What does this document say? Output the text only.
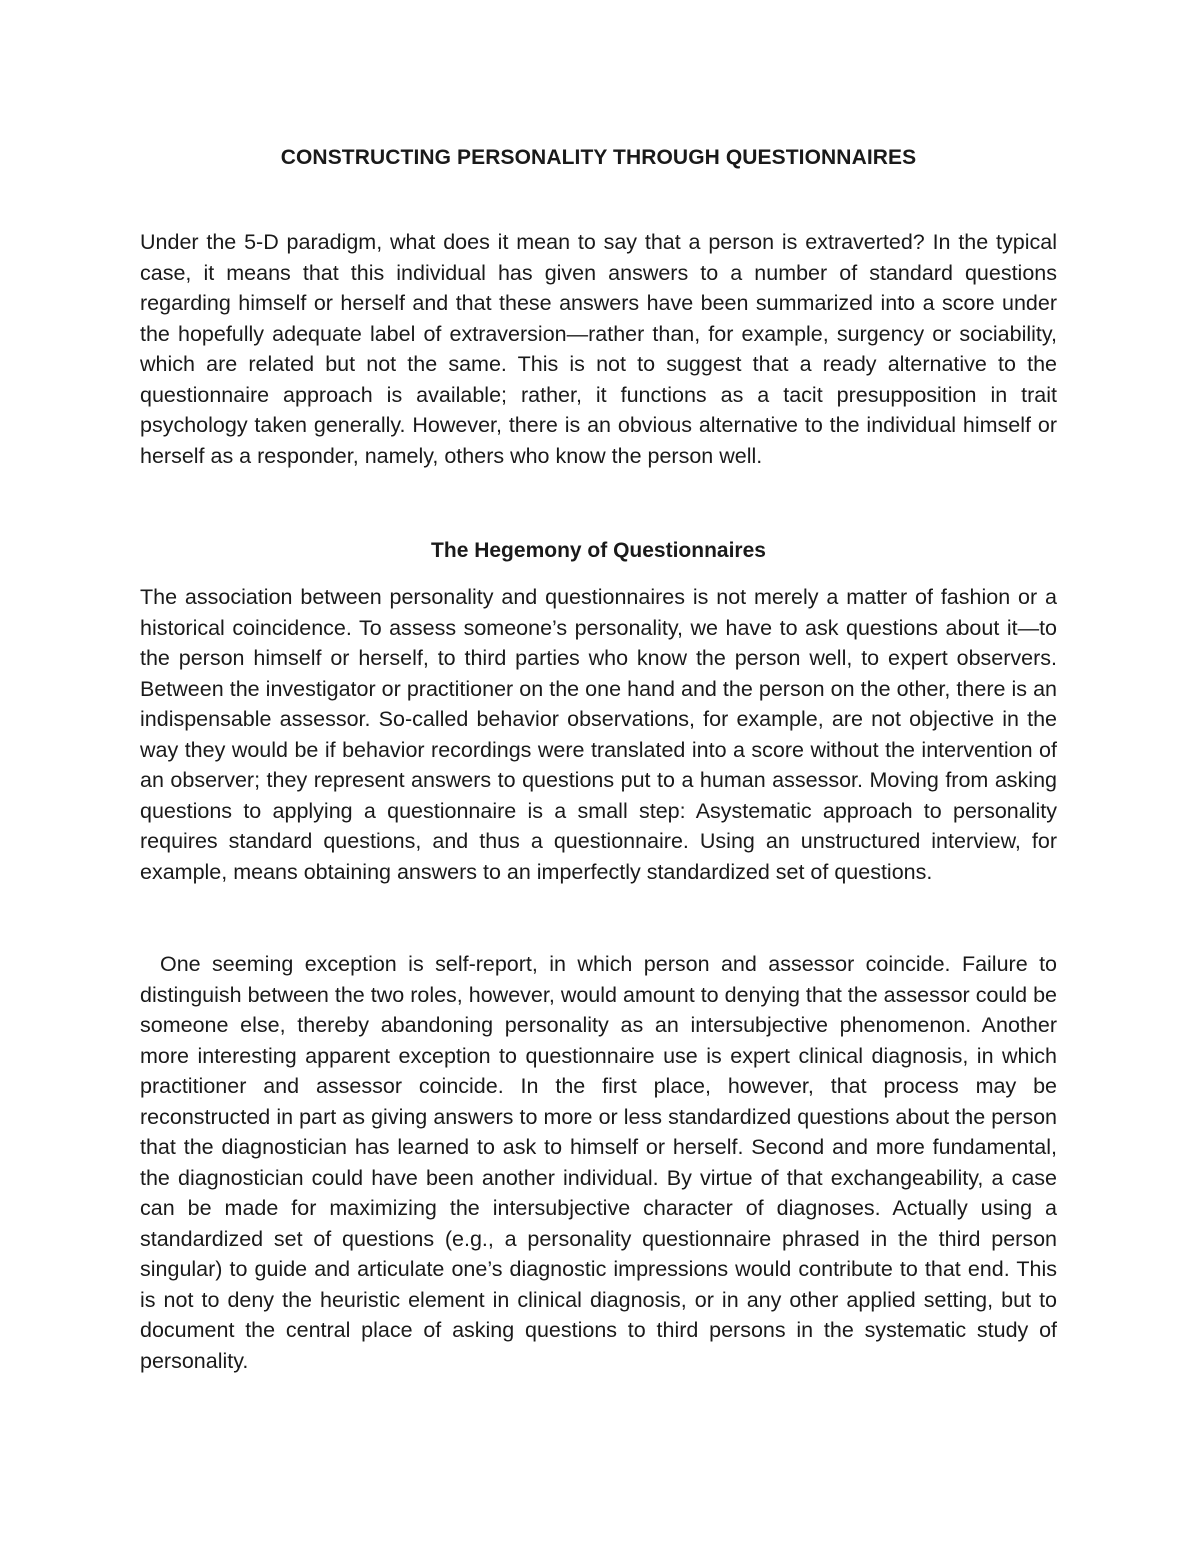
CONSTRUCTING PERSONALITY THROUGH QUESTIONNAIRES

Under the 5-D paradigm, what does it mean to say that a person is extraverted? In the typical case, it means that this individual has given answers to a number of standard questions regarding himself or herself and that these answers have been summarized into a score under the hopefully adequate label of extraversion—rather than, for example, surgency or sociability, which are related but not the same. This is not to suggest that a ready alternative to the questionnaire approach is available; rather, it functions as a tacit presupposition in trait psychology taken generally. However, there is an obvious alternative to the individual himself or herself as a responder, namely, others who know the person well.

The Hegemony of Questionnaires

The association between personality and questionnaires is not merely a matter of fashion or a historical coincidence. To assess someone’s personality, we have to ask questions about it—to the person himself or herself, to third parties who know the person well, to expert observers. Between the investigator or practitioner on the one hand and the person on the other, there is an indispensable assessor. So-called behavior observations, for example, are not objective in the way they would be if behavior recordings were translated into a score without the intervention of an observer; they represent answers to questions put to a human assessor. Moving from asking questions to applying a questionnaire is a small step: Asystematic approach to personality requires standard questions, and thus a questionnaire. Using an unstructured interview, for example, means obtaining answers to an imperfectly standardized set of questions.

One seeming exception is self-report, in which person and assessor coincide. Failure to distinguish between the two roles, however, would amount to denying that the assessor could be someone else, thereby abandoning personality as an intersubjective phenomenon. Another more interesting apparent exception to questionnaire use is expert clinical diagnosis, in which practitioner and assessor coincide. In the first place, however, that process may be reconstructed in part as giving answers to more or less standardized questions about the person that the diagnostician has learned to ask to himself or herself. Second and more fundamental, the diagnostician could have been another individual. By virtue of that exchangeability, a case can be made for maximizing the intersubjective character of diagnoses. Actually using a standardized set of questions (e.g., a personality questionnaire phrased in the third person singular) to guide and articulate one’s diagnostic impressions would contribute to that end. This is not to deny the heuristic element in clinical diagnosis, or in any other applied setting, but to document the central place of asking questions to third persons in the systematic study of personality.
